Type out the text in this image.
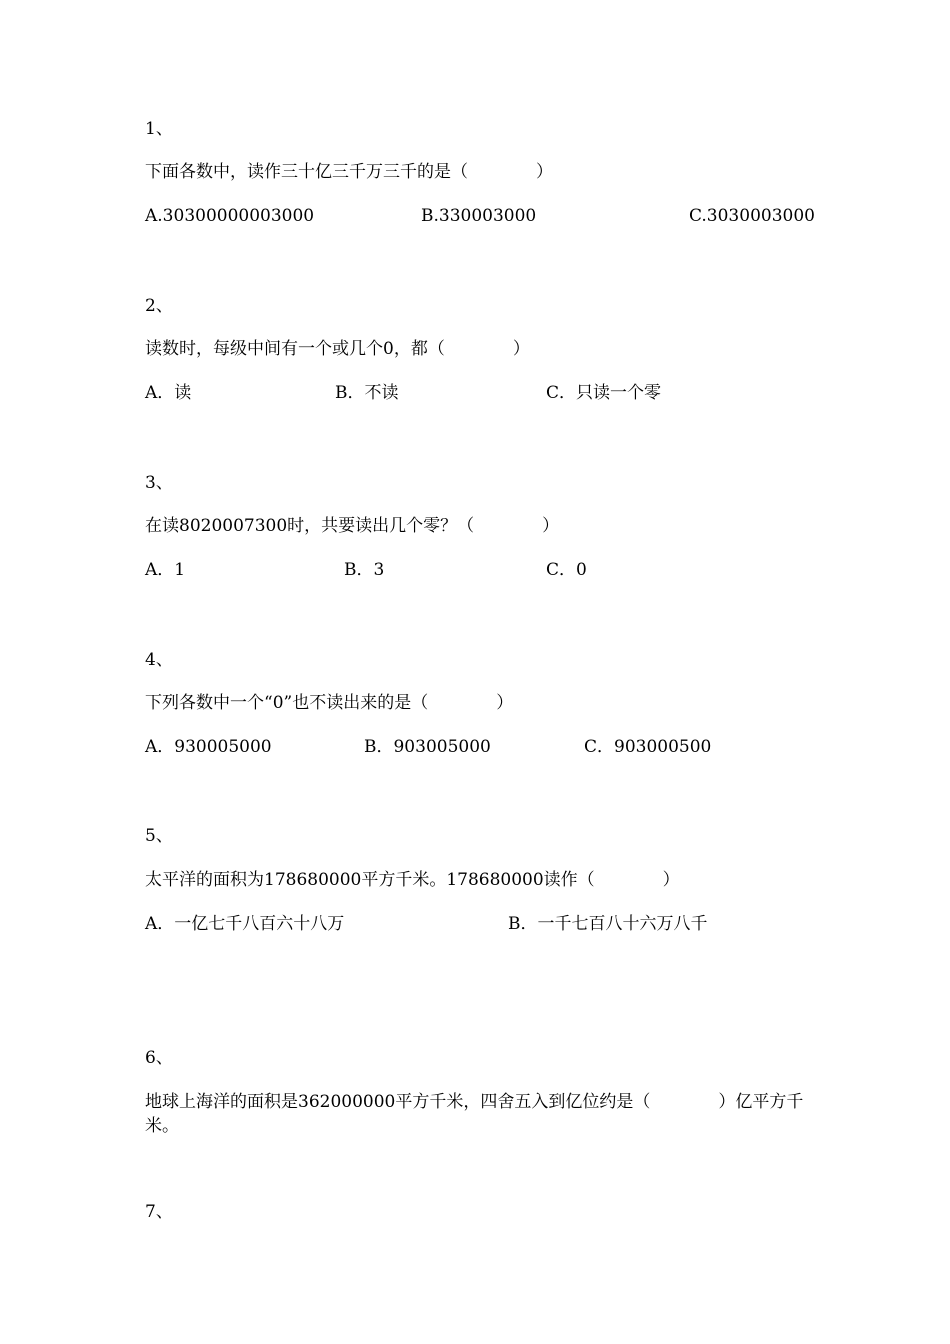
1、
下面各数中，读作三十亿三千万三千的是（　　　　）
A.30300000003000	B.330003000	C.3030003000
2、
读数时，每级中间有一个或几个0，都（　　　　）
A．读	B．不读	C．只读一个零
3、
在读8020007300时，共要读出几个零？（　　　　）
A．1	B．3	C．0
4、
下列各数中一个“0”也不读出来的是（　　　　）
A．930005000	B．903005000	C．903000500
5、
太平洋的面积为178680000平方千米。178680000读作（　　　　）
A．一亿七千八百六十八万	B．一千七百八十六万八千
6、
地球上海洋的面积是362000000平方千米，四舍五入到亿位约是（　　　　）亿平方千米。
7、
